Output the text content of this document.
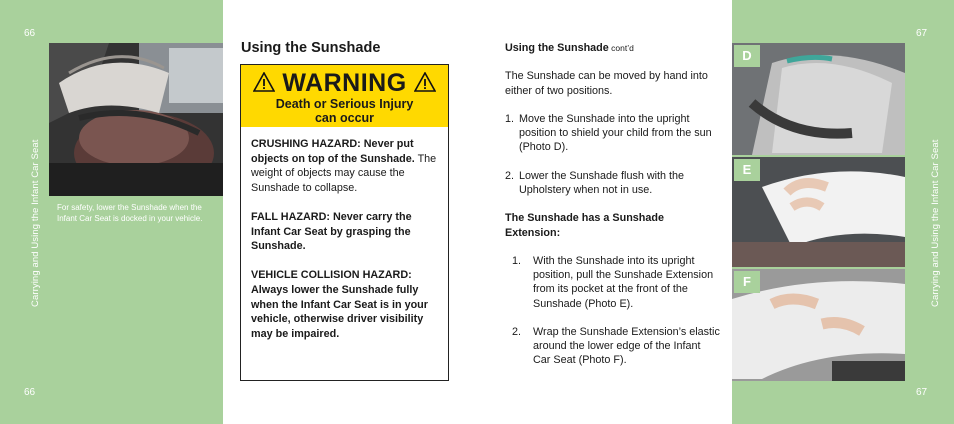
66
66
Carrying and Using the Infant Car Seat For safety, lower the Sunshade when the Infant Car Seat is docked in your vehicle.
Using the Sunshade
WARNING
Death or Serious Injury
can occur

CRUSHING HAZARD: Never put objects on top of the Sunshade. The weight of objects may cause the Sunshade to collapse.

FALL HAZARD: Never carry the Infant Car Seat by grasping the Sunshade.

VEHICLE COLLISION HAZARD: Always lower the Sunshade fully when the Infant Car Seat is in your vehicle, otherwise driver visibility may be impaired.

Using the Sunshade cont’d
The Sunshade can be moved by hand into either of two positions.
1. Move the Sunshade into the upright position to shield your child from the sun (Photo D).
2. Lower the Sunshade flush with the Upholstery when not in use.
The Sunshade has a Sunshade Extension:
1.	With the Sunshade into its upright position, pull the Sunshade Extension from its pocket at the front of the Sunshade (Photo E).
2.	Wrap the Sunshade Extension’s elastic around the lower edge of the Infant Car Seat (Photo F).
D
E
F
67
67
Carrying and Using the Infant Car Seat
